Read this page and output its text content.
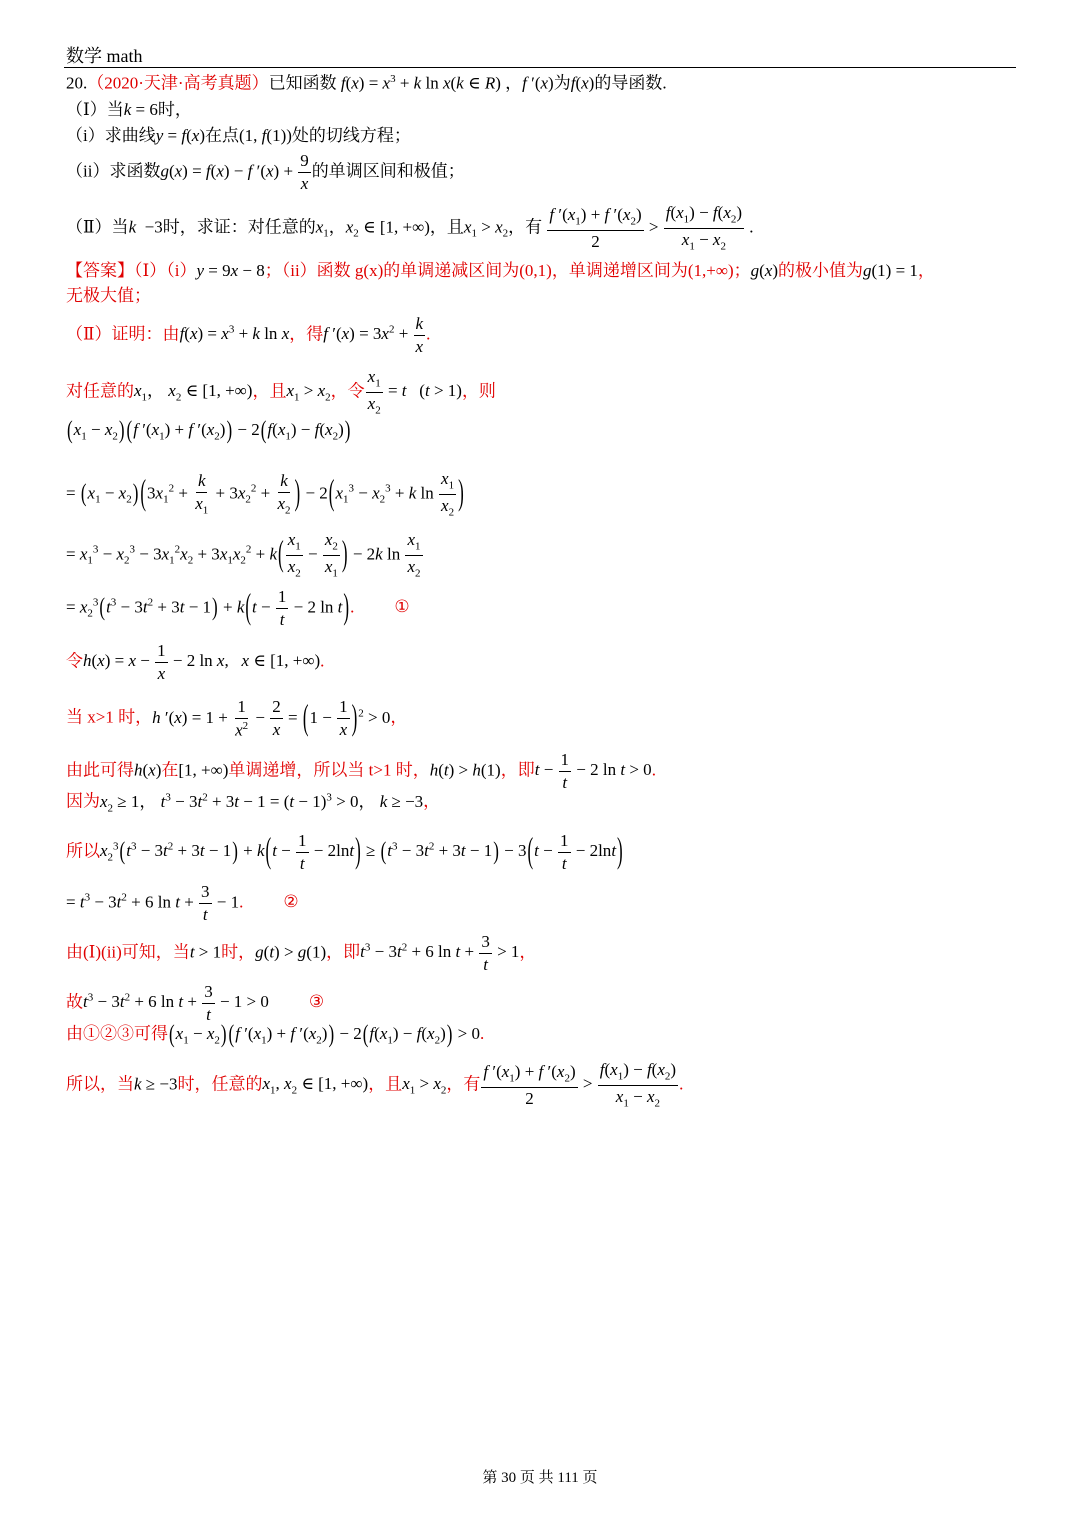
数学 math
20.（2020·天津·高考真题）已知函数 $f(x) = x^3 + k$ ln x(k ∈ R) ，f ′(x)为f(x)的导函数.
（Ⅰ）当k = 6时，
（i）求曲线y = f(x)在点(1, f(1))处的切线方程；
（ii）求函数g(x) = f(x) − f $'(x) + \frac{9}{x}$ 的单调区间和极值；
（Ⅱ）当k −3时，求证：对任意的$x_1$，$x_2$ ∈ [1, +∞)，且$x_1 > x_2$，有 $\frac{f '(x_1) + f '(x_2)}{2} > \frac{f(x_1) - f(x_2)}{x_1 - x_2}$ .
【答案】（Ⅰ）（i）y = 9x − 8；（ii）函数 g(x)的单调递减区间为(0,1)，单调递增区间为(1,+∞)；g(x)的极小值为g(1) = 1，
无极大值；
（Ⅱ）证明：由$f(x) = x^3 + k$ ln x，得f $'(x) = 3x^2 + \frac{k}{x}$ .
对任意的$x_1$， $x_2$ ∈ [1, +∞)，且$x_1 > x_2$，令 $\frac{x_1}{x_2} = t$   (t > 1)，则
$(x_1 - x_2)$ (f $'(x_1) + f$ $'(x_2)) - 2(f(x_1) - f(x_2))$
= $(x_1 - x_2) (3x_1^2 + \frac{k}{x_1} + 3x_2^2 + \frac{k}{x_2}$ ) − $2(x_1^3 - x_2^3 + k$ $\ln \frac{x_1}{x_2}$ )
= $x_1^3 - x_2^3 - 3x_1^2x_2 + 3x_1x_2^2 + k( \frac{x_1}{x_2} - \frac{x_2}{x_1}$ ) − 2k $\ln \frac{x_1}{x_2}$
= $x_2^3(t^3 - 3t^2 + 3t - 1) + k(t - \frac{1}{t} - 2$ ln t). ①
令$h(x) = x - \frac{1}{x} - 2$ ln x,   x ∈ [1, +∞).
当 x>1 时，h $'(x) = 1 + \frac{1}{x^2} - \frac{2}{x} = (1 - \frac{1}{x} )^2 > 0$，
由此可得h(x)在[1, +∞)单调递增，所以当 t>1 时，h(t) > h(1)，即$t - \frac{1}{t} - 2$ ln t > 0.
因为$x_2 \ge 1$， $t^3 - 3t^2 + 3t - 1 = (t - 1)^3 > 0$， k ≥ −3，
所以$x_2^3(t^3 - 3t^2 + 3t - 1) + k(t - \frac{1}{t} - 2\ln t) \ge (t^3 - 3t^2 + 3t - 1) - 3(t - \frac{1}{t} - 2\ln t)$
= $t^3 - 3t^2 + 6$ $\ln t + \frac{3}{t} - 1$. ②
由(Ⅰ)(ii)可知，当t > 1时，g(t) > g(1)，即$t^3 - 3t^2 + 6$ $\ln t + \frac{3}{t} > 1$，
故$t^3 - 3t^2 + 6$ $\ln t + \frac{3}{t} - 1 > 0$ ③
由①②③可得$(x_1 - x_2)$ (f $'(x_1) + f$ $'(x_2)) - 2(f(x_1) - f(x_2)) > 0$.
所以，当k ≥ −3时，任意的$x_1$, $x_2$ ∈ [1, +∞)，且$x_1 > x_2$，有 $\frac{f '(x_1) + f '(x_2)}{2} > \frac{f(x_1) - f(x_2)}{x_1 - x_2}$ .
第 30 页 共 111 页
